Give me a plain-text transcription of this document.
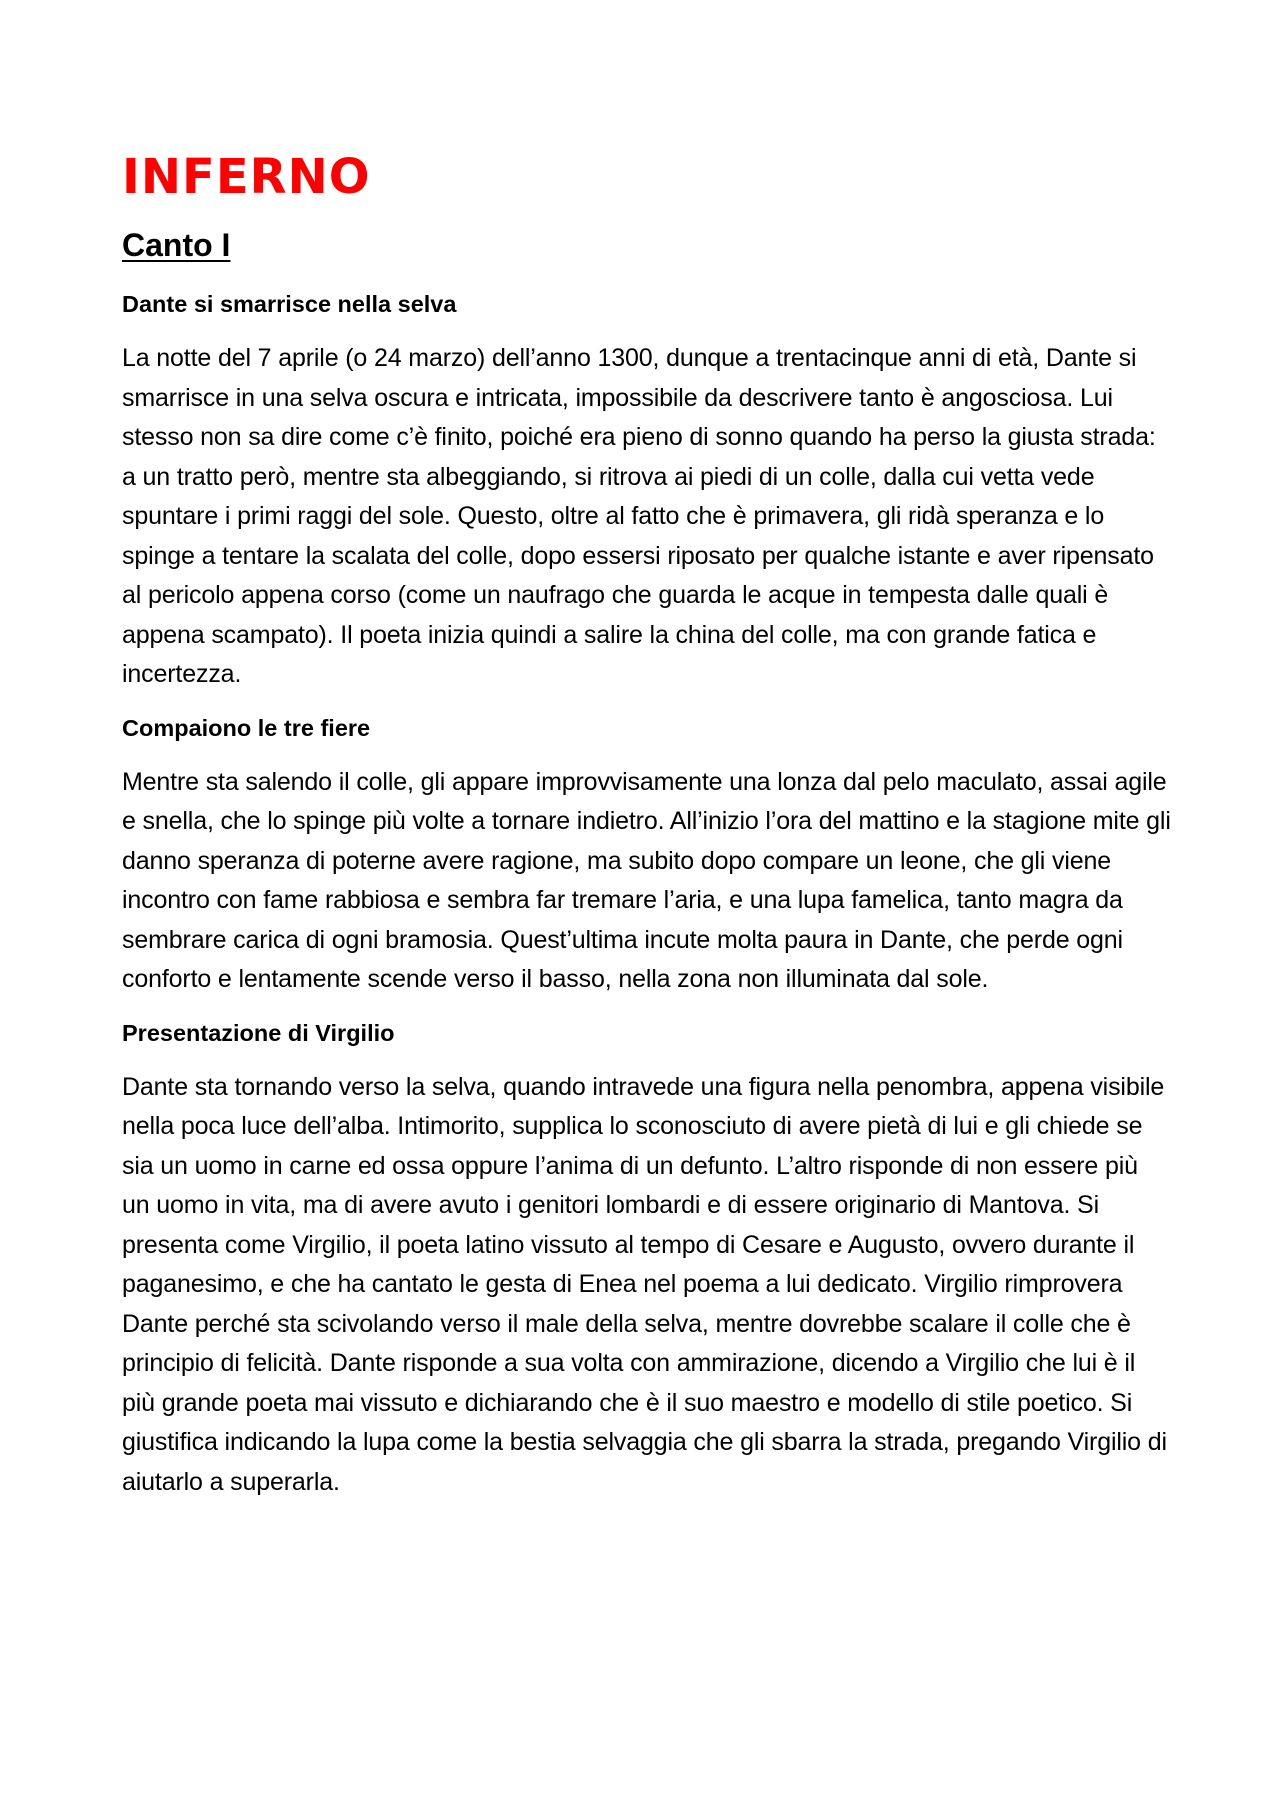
INFERNO
Canto I
Dante si smarrisce nella selva

La notte del 7 aprile (o 24 marzo) dell’anno 1300, dunque a trentacinque anni di età, Dante si smarrisce in una selva oscura e intricata, impossibile da descrivere tanto è angosciosa. Lui stesso non sa dire come c’è finito, poiché era pieno di sonno quando ha perso la giusta strada: a un tratto però, mentre sta albeggiando, si ritrova ai piedi di un colle, dalla cui vetta vede spuntare i primi raggi del sole. Questo, oltre al fatto che è primavera, gli ridà speranza e lo spinge a tentare la scalata del colle, dopo essersi riposato per qualche istante e aver ripensato al pericolo appena corso (come un naufrago che guarda le acque in tempesta dalle quali è appena scampato). Il poeta inizia quindi a salire la china del colle, ma con grande fatica e incertezza.

Compaiono le tre fiere

Mentre sta salendo il colle, gli appare improvvisamente una lonza dal pelo maculato, assai agile e snella, che lo spinge più volte a tornare indietro. All’inizio l’ora del mattino e la stagione mite gli danno speranza di poterne avere ragione, ma subito dopo compare un leone, che gli viene incontro con fame rabbiosa e sembra far tremare l’aria, e una lupa famelica, tanto magra da sembrare carica di ogni bramosia. Quest’ultima incute molta paura in Dante, che perde ogni conforto e lentamente scende verso il basso, nella zona non illuminata dal sole.

Presentazione di Virgilio

Dante sta tornando verso la selva, quando intravede una figura nella penombra, appena visibile nella poca luce dell’alba. Intimorito, supplica lo sconosciuto di avere pietà di lui e gli chiede se sia un uomo in carne ed ossa oppure l’anima di un defunto. L’altro risponde di non essere più un uomo in vita, ma di avere avuto i genitori lombardi e di essere originario di Mantova. Si presenta come Virgilio, il poeta latino vissuto al tempo di Cesare e Augusto, ovvero durante il paganesimo, e che ha cantato le gesta di Enea nel poema a lui dedicato. Virgilio rimprovera Dante perché sta scivolando verso il male della selva, mentre dovrebbe scalare il colle che è principio di felicità. Dante risponde a sua volta con ammirazione, dicendo a Virgilio che lui è il più grande poeta mai vissuto e dichiarando che è il suo maestro e modello di stile poetico. Si giustifica indicando la lupa come la bestia selvaggia che gli sbarra la strada, pregando Virgilio di aiutarlo a superarla.
